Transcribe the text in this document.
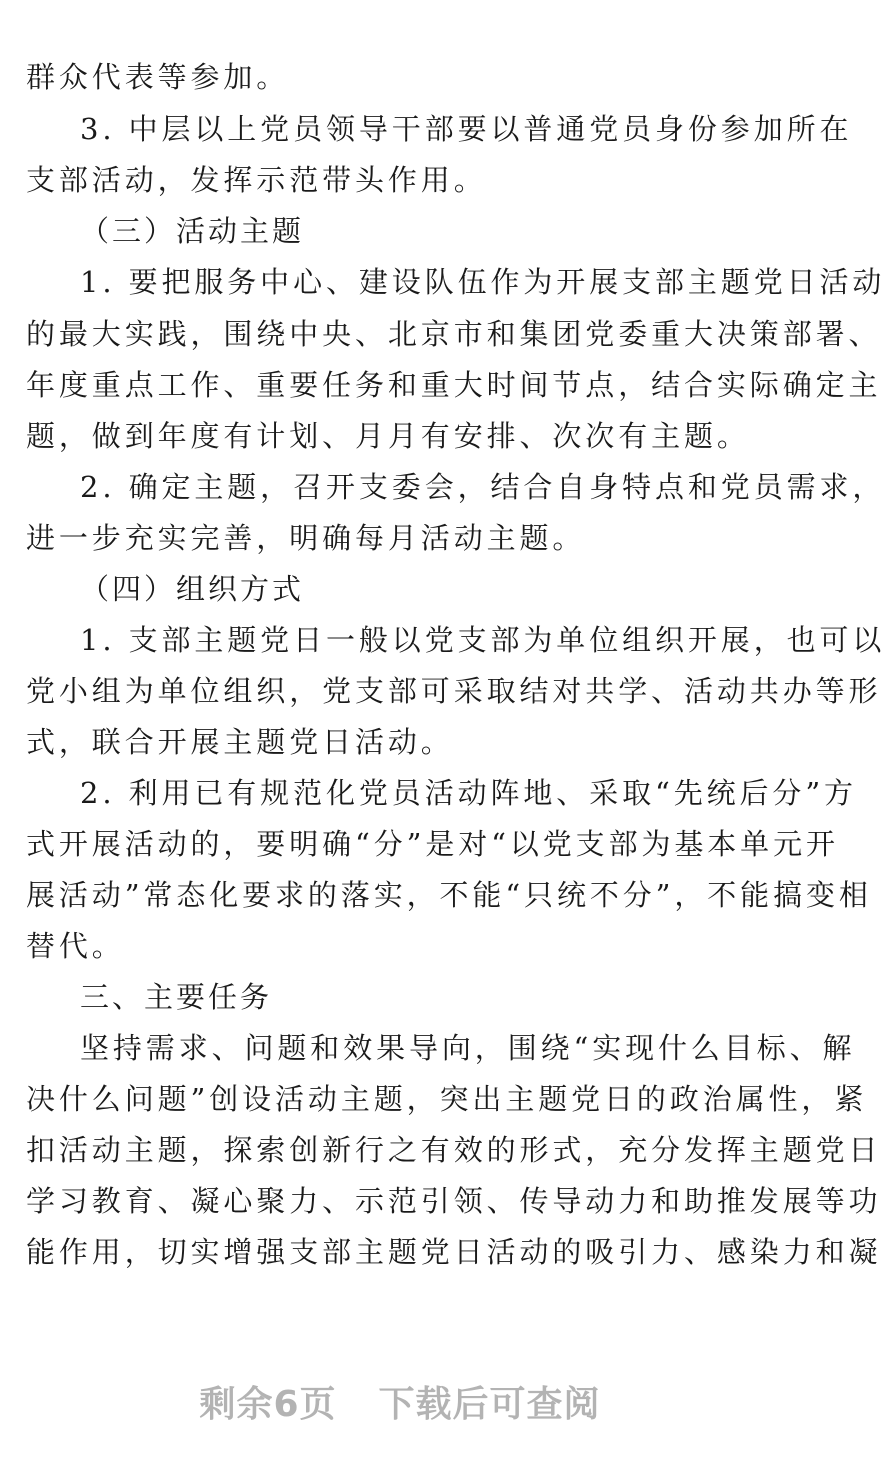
群众代表等参加。
3. 中层以上党员领导干部要以普通党员身份参加所在
支部活动，发挥示范带头作用。
（三）活动主题
1. 要把服务中心、建设队伍作为开展支部主题党日活动
的最大实践，围绕中央、北京市和集团党委重大决策部署、
年度重点工作、重要任务和重大时间节点，结合实际确定主
题，做到年度有计划、月月有安排、次次有主题。
2. 确定主题，召开支委会，结合自身特点和党员需求，
进一步充实完善，明确每月活动主题。
（四）组织方式
1. 支部主题党日一般以党支部为单位组织开展，也可以
党小组为单位组织，党支部可采取结对共学、活动共办等形
式，联合开展主题党日活动。
2. 利用已有规范化党员活动阵地、采取“先统后分”方
式开展活动的，要明确“分”是对“以党支部为基本单元开
展活动”常态化要求的落实，不能“只统不分”，不能搞变相
替代。
三、主要任务
坚持需求、问题和效果导向，围绕“实现什么目标、解
决什么问题”创设活动主题，突出主题党日的政治属性，紧
扣活动主题，探索创新行之有效的形式，充分发挥主题党日
学习教育、凝心聚力、示范引领、传导动力和助推发展等功
能作用，切实增强支部主题党日活动的吸引力、感染力和凝
剩余6页 下载后可查阅
